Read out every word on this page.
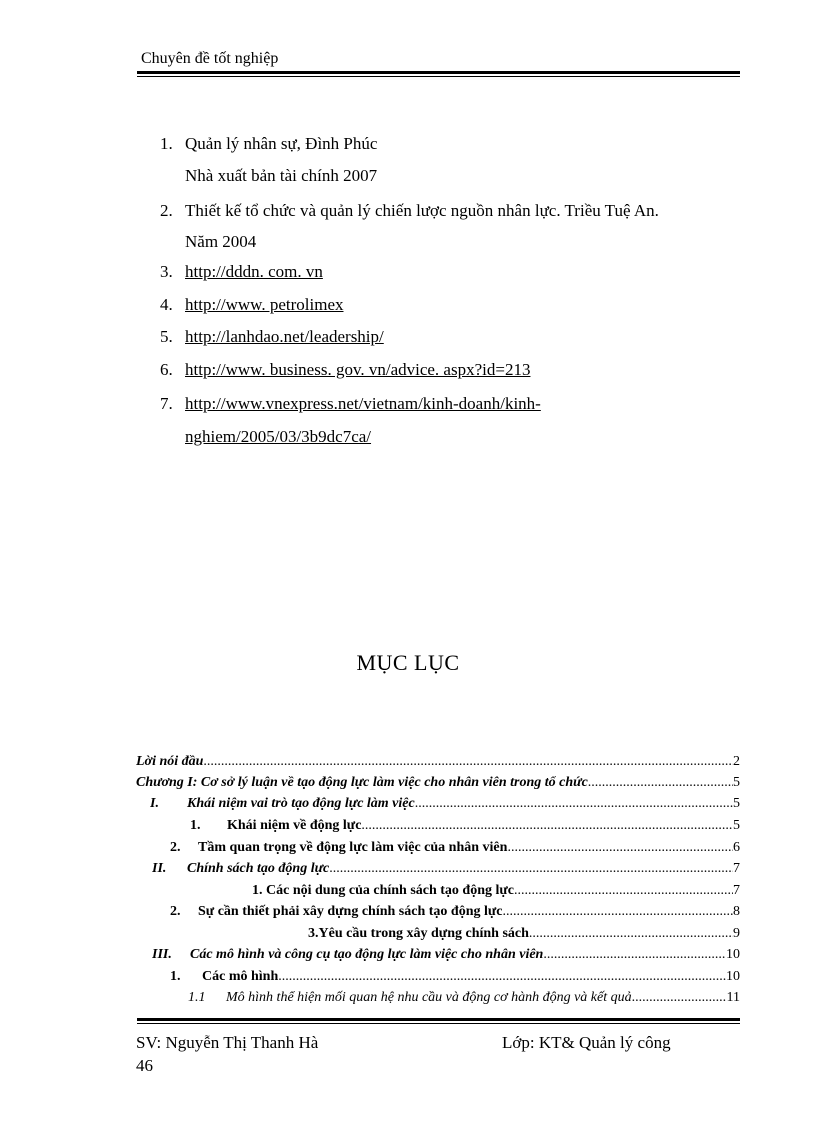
Chuyên đề tốt nghiệp
1. Quản lý nhân sự, Đình Phúc
Nhà xuất bản tài chính 2007
2. Thiết kế tổ chức và quản lý chiến lược nguồn nhân lực. Triều Tuệ An.
Năm 2004
3. http://dddn. com. vn
4. http://www. petrolimex
5. http://lanhdao.net/leadership/
6. http://www. business. gov. vn/advice. aspx?id=213
7. http://www.vnexpress.net/vietnam/kinh-doanh/kinh-
nghiem/2005/03/3b9dc7ca/
MỤC LỤC
Lời nói đầu .....	2
Chương I: Cơ sở lý luận về tạo động lực làm việc cho nhân viên trong tổ chức .....	5
I. Khái niệm vai trò tạo động lực làm việc .....	5
1. Khái niệm về động lực .....	5
2. Tầm quan trọng về động lực làm việc của nhân viên .....	6
II. Chính sách tạo động lực .....	7
1. Các nội dung của chính sách tạo động lực .....	7
2. Sự cần thiết phải xây dựng chính sách tạo động lực .....	8
3.Yêu cầu trong xây dựng chính sách .....	9
III. Các mô hình và công cụ tạo động lực làm việc cho nhân viên .....	10
1. Các mô hình .....	10
1.1 Mô hình thể hiện mối quan hệ nhu cầu và động cơ hành động và kết quả .....	11
SV: Nguyễn Thị Thanh Hà	Lớp: KT& Quản lý công
46
